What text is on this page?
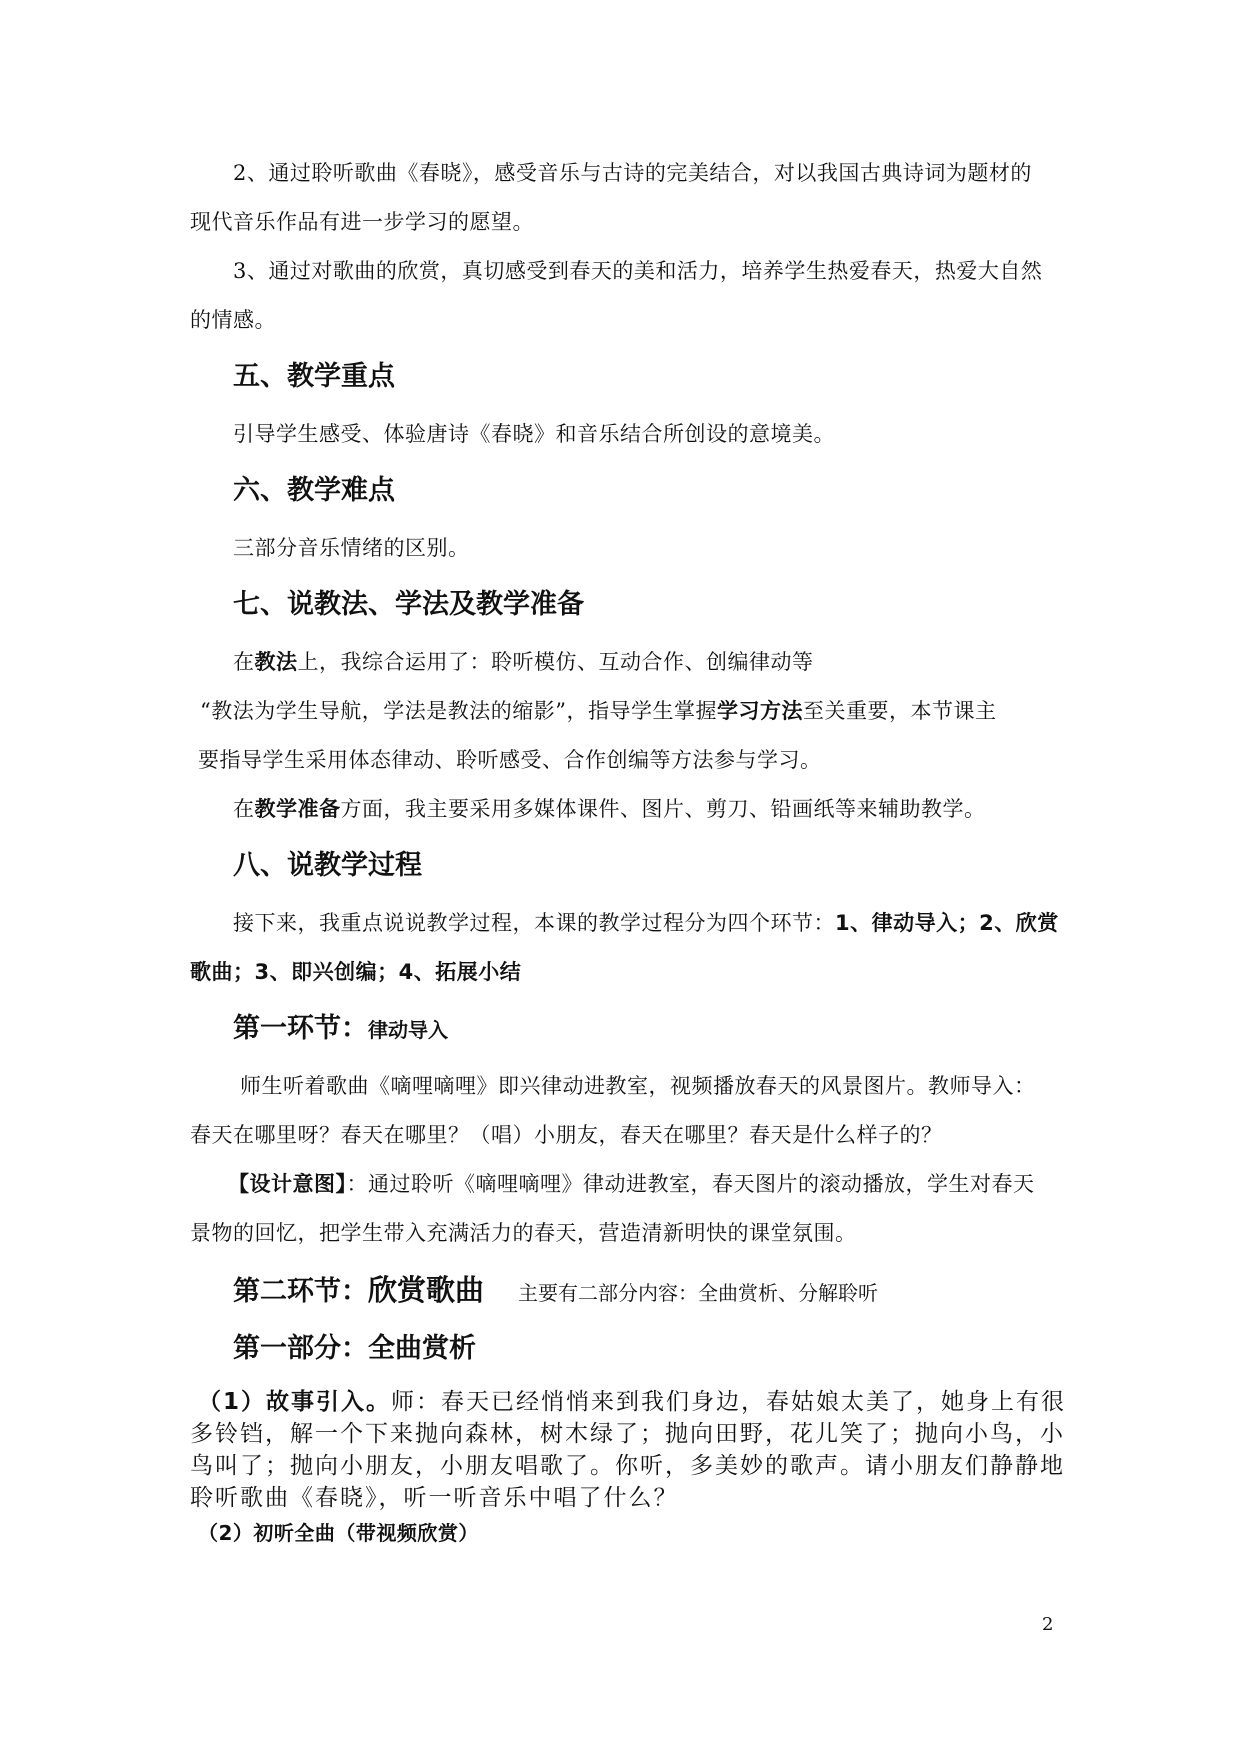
2、通过聆听歌曲《春晓》，感受音乐与古诗的完美结合，对以我国古典诗词为题材的
现代音乐作品有进一步学习的愿望。
3、通过对歌曲的欣赏，真切感受到春天的美和活力，培养学生热爱春天，热爱大自然
的情感。
五、教学重点
引导学生感受、体验唐诗《春晓》和音乐结合所创设的意境美。
六、教学难点
三部分音乐情绪的区别。
七、说教法、学法及教学准备
在教法上，我综合运用了：聆听模仿、互动合作、创编律动等
“教法为学生导航，学法是教法的缩影”，指导学生掌握学习方法至关重要，本节课主
要指导学生采用体态律动、聆听感受、合作创编等方法参与学习。
在教学准备方面，我主要采用多媒体课件、图片、剪刀、铅画纸等来辅助教学。
八、说教学过程
接下来，我重点说说教学过程，本课的教学过程分为四个环节：1、律动导入；2、欣赏
歌曲；3、即兴创编；4、拓展小结
第一环节：律动导入
师生听着歌曲《嘀哩嘀哩》即兴律动进教室，视频播放春天的风景图片。教师导入：
春天在哪里呀？春天在哪里？（唱）小朋友，春天在哪里？春天是什么样子的？
【设计意图】：通过聆听《嘀哩嘀哩》律动进教室，春天图片的滚动播放，学生对春天
景物的回忆，把学生带入充满活力的春天，营造清新明快的课堂氛围。
第二环节：欣赏歌曲 主要有二部分内容：全曲赏析、分解聆听
第一部分：全曲赏析
（1）故事引入。师：春天已经悄悄来到我们身边，春姑娘太美了，她身上有很
多铃铛，解一个下来抛向森林，树木绿了；抛向田野，花儿笑了；抛向小鸟，小
鸟叫了；抛向小朋友，小朋友唱歌了。你听，多美妙的歌声。请小朋友们静静地
聆听歌曲《春晓》，听一听音乐中唱了什么？
（2）初听全曲（带视频欣赏）
2
